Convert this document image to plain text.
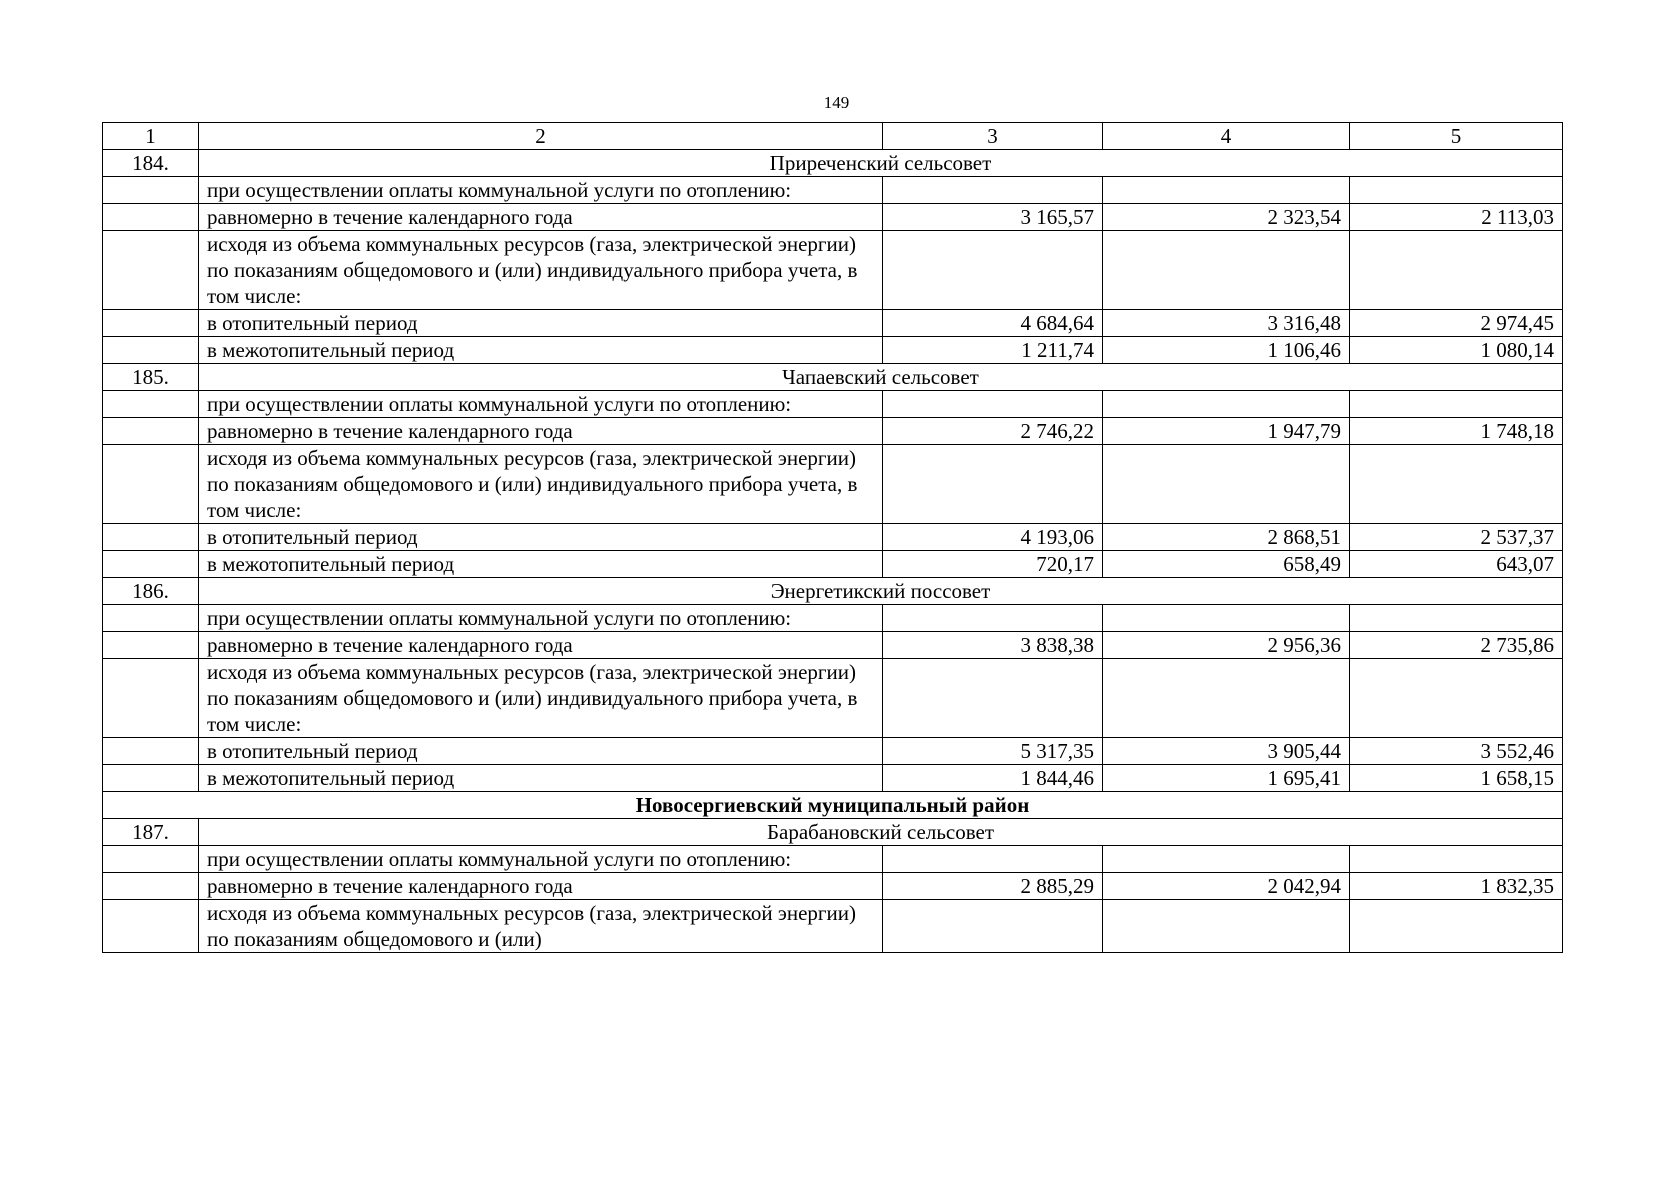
149
1	2	3	4	5
184.	Приреченский сельсовет			
	при осуществлении оплаты коммунальной услуги по отоплению:			
	равномерно в течение календарного года	3 165,57	2 323,54	2 113,03
	исходя из объема коммунальных ресурсов (газа, электрической энергии) по показаниям общедомового и (или) индивидуального прибора учета, в том числе:			
	в отопительный период	4 684,64	3 316,48	2 974,45
	в межотопительный период	1 211,74	1 106,46	1 080,14
185.	Чапаевский сельсовет			
	при осуществлении оплаты коммунальной услуги по отоплению:			
	равномерно в течение календарного года	2 746,22	1 947,79	1 748,18
	исходя из объема коммунальных ресурсов (газа, электрической энергии) по показаниям общедомового и (или) индивидуального прибора учета, в том числе:			
	в отопительный период	4 193,06	2 868,51	2 537,37
	в межотопительный период	720,17	658,49	643,07
186.	Энергетикский поссовет			
	при осуществлении оплаты коммунальной услуги по отоплению:			
	равномерно в течение календарного года	3 838,38	2 956,36	2 735,86
	исходя из объема коммунальных ресурсов (газа, электрической энергии) по показаниям общедомового и (или) индивидуального прибора учета, в том числе:			
	в отопительный период	5 317,35	3 905,44	3 552,46
	в межотопительный период	1 844,46	1 695,41	1 658,15
Новосергиевский муниципальный район				
187.	Барабановский сельсовет			
	при осуществлении оплаты коммунальной услуги по отоплению:			
	равномерно в течение календарного года	2 885,29	2 042,94	1 832,35
	исходя из объема коммунальных ресурсов (газа, электрической энергии) по показаниям общедомового и (или)			
